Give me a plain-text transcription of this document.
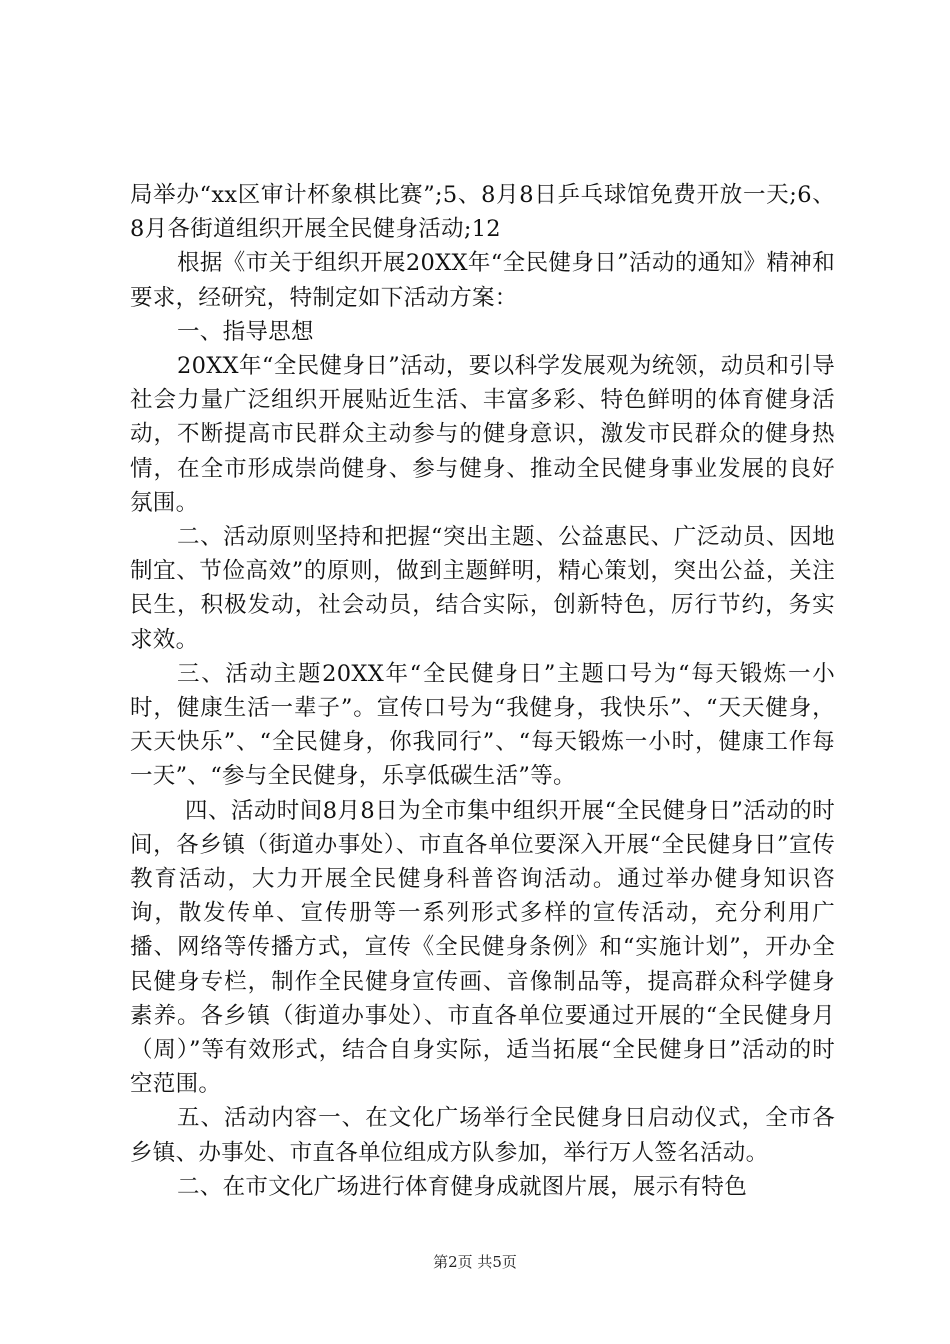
局举办“xx区审计杯象棋比赛”;5、8月8日乒乓球馆免费开放一天;6、8月各街道组织开展全民健身活动;12

根据《市关于组织开展20XX年“全民健身日”活动的通知》精神和要求，经研究，特制定如下活动方案：

一、指导思想

20XX年“全民健身日”活动，要以科学发展观为统领，动员和引导社会力量广泛组织开展贴近生活、丰富多彩、特色鲜明的体育健身活动，不断提高市民群众主动参与的健身意识，激发市民群众的健身热情，在全市形成崇尚健身、参与健身、推动全民健身事业发展的良好氛围。

二、活动原则坚持和把握“突出主题、公益惠民、广泛动员、因地制宜、节俭高效”的原则，做到主题鲜明，精心策划，突出公益，关注民生，积极发动，社会动员，结合实际，创新特色，厉行节约，务实求效。

三、活动主题20XX年“全民健身日”主题口号为“每天锻炼一小时，健康生活一辈子”。宣传口号为“我健身，我快乐”、“天天健身，天天快乐”、“全民健身，你我同行”、“每天锻炼一小时，健康工作每一天”、“参与全民健身，乐享低碳生活”等。

四、活动时间8月8日为全市集中组织开展“全民健身日”活动的时间，各乡镇（街道办事处）、市直各单位要深入开展“全民健身日”宣传教育活动，大力开展全民健身科普咨询活动。通过举办健身知识咨询，散发传单、宣传册等一系列形式多样的宣传活动，充分利用广播、网络等传播方式，宣传《全民健身条例》和“实施计划”，开办全民健身专栏，制作全民健身宣传画、音像制品等，提高群众科学健身素养。各乡镇（街道办事处）、市直各单位要通过开展的“全民健身月（周）”等有效形式，结合自身实际，适当拓展“全民健身日”活动的时空范围。

五、活动内容一、在文化广场举行全民健身日启动仪式，全市各乡镇、办事处、市直各单位组成方队参加，举行万人签名活动。

二、在市文化广场进行体育健身成就图片展，展示有特色

第2页 共5页
